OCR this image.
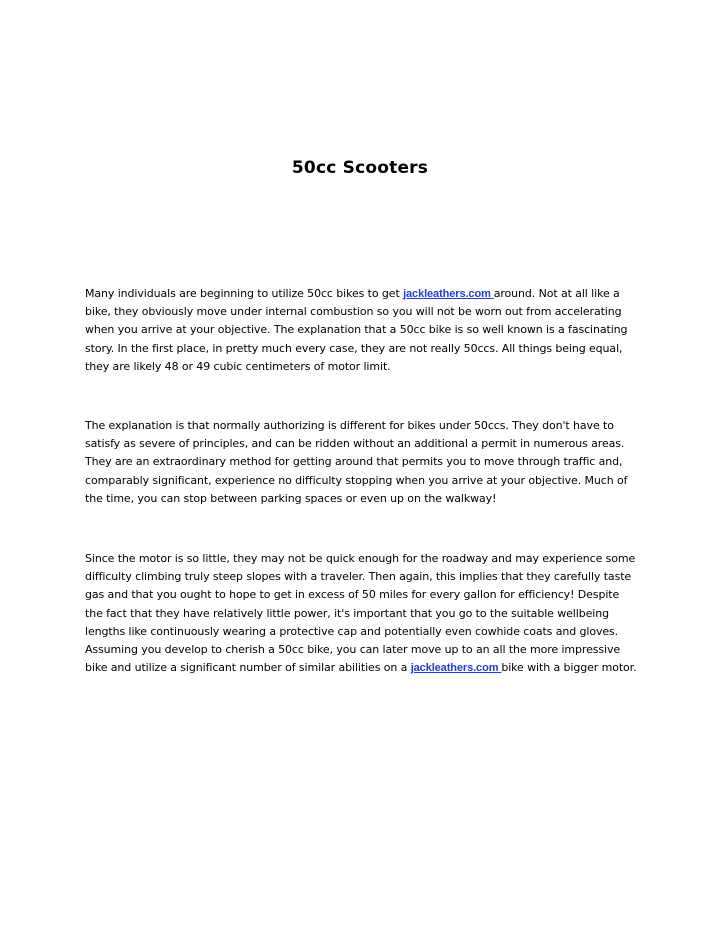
50cc Scooters

Many individuals are beginning to utilize 50cc bikes to get jackleathers.com around. Not at all like a bike, they obviously move under internal combustion so you will not be worn out from accelerating when you arrive at your objective. The explanation that a 50cc bike is so well known is a fascinating story. In the first place, in pretty much every case, they are not really 50ccs. All things being equal, they are likely 48 or 49 cubic centimeters of motor limit.

The explanation is that normally authorizing is different for bikes under 50ccs. They don't have to satisfy as severe of principles, and can be ridden without an additional a permit in numerous areas. They are an extraordinary method for getting around that permits you to move through traffic and, comparably significant, experience no difficulty stopping when you arrive at your objective. Much of the time, you can stop between parking spaces or even up on the walkway!

Since the motor is so little, they may not be quick enough for the roadway and may experience some difficulty climbing truly steep slopes with a traveler. Then again, this implies that they carefully taste gas and that you ought to hope to get in excess of 50 miles for every gallon for efficiency! Despite the fact that they have relatively little power, it's important that you go to the suitable wellbeing lengths like continuously wearing a protective cap and potentially even cowhide coats and gloves. Assuming you develop to cherish a 50cc bike, you can later move up to an all the more impressive bike and utilize a significant number of similar abilities on a jackleathers.com bike with a bigger motor.
